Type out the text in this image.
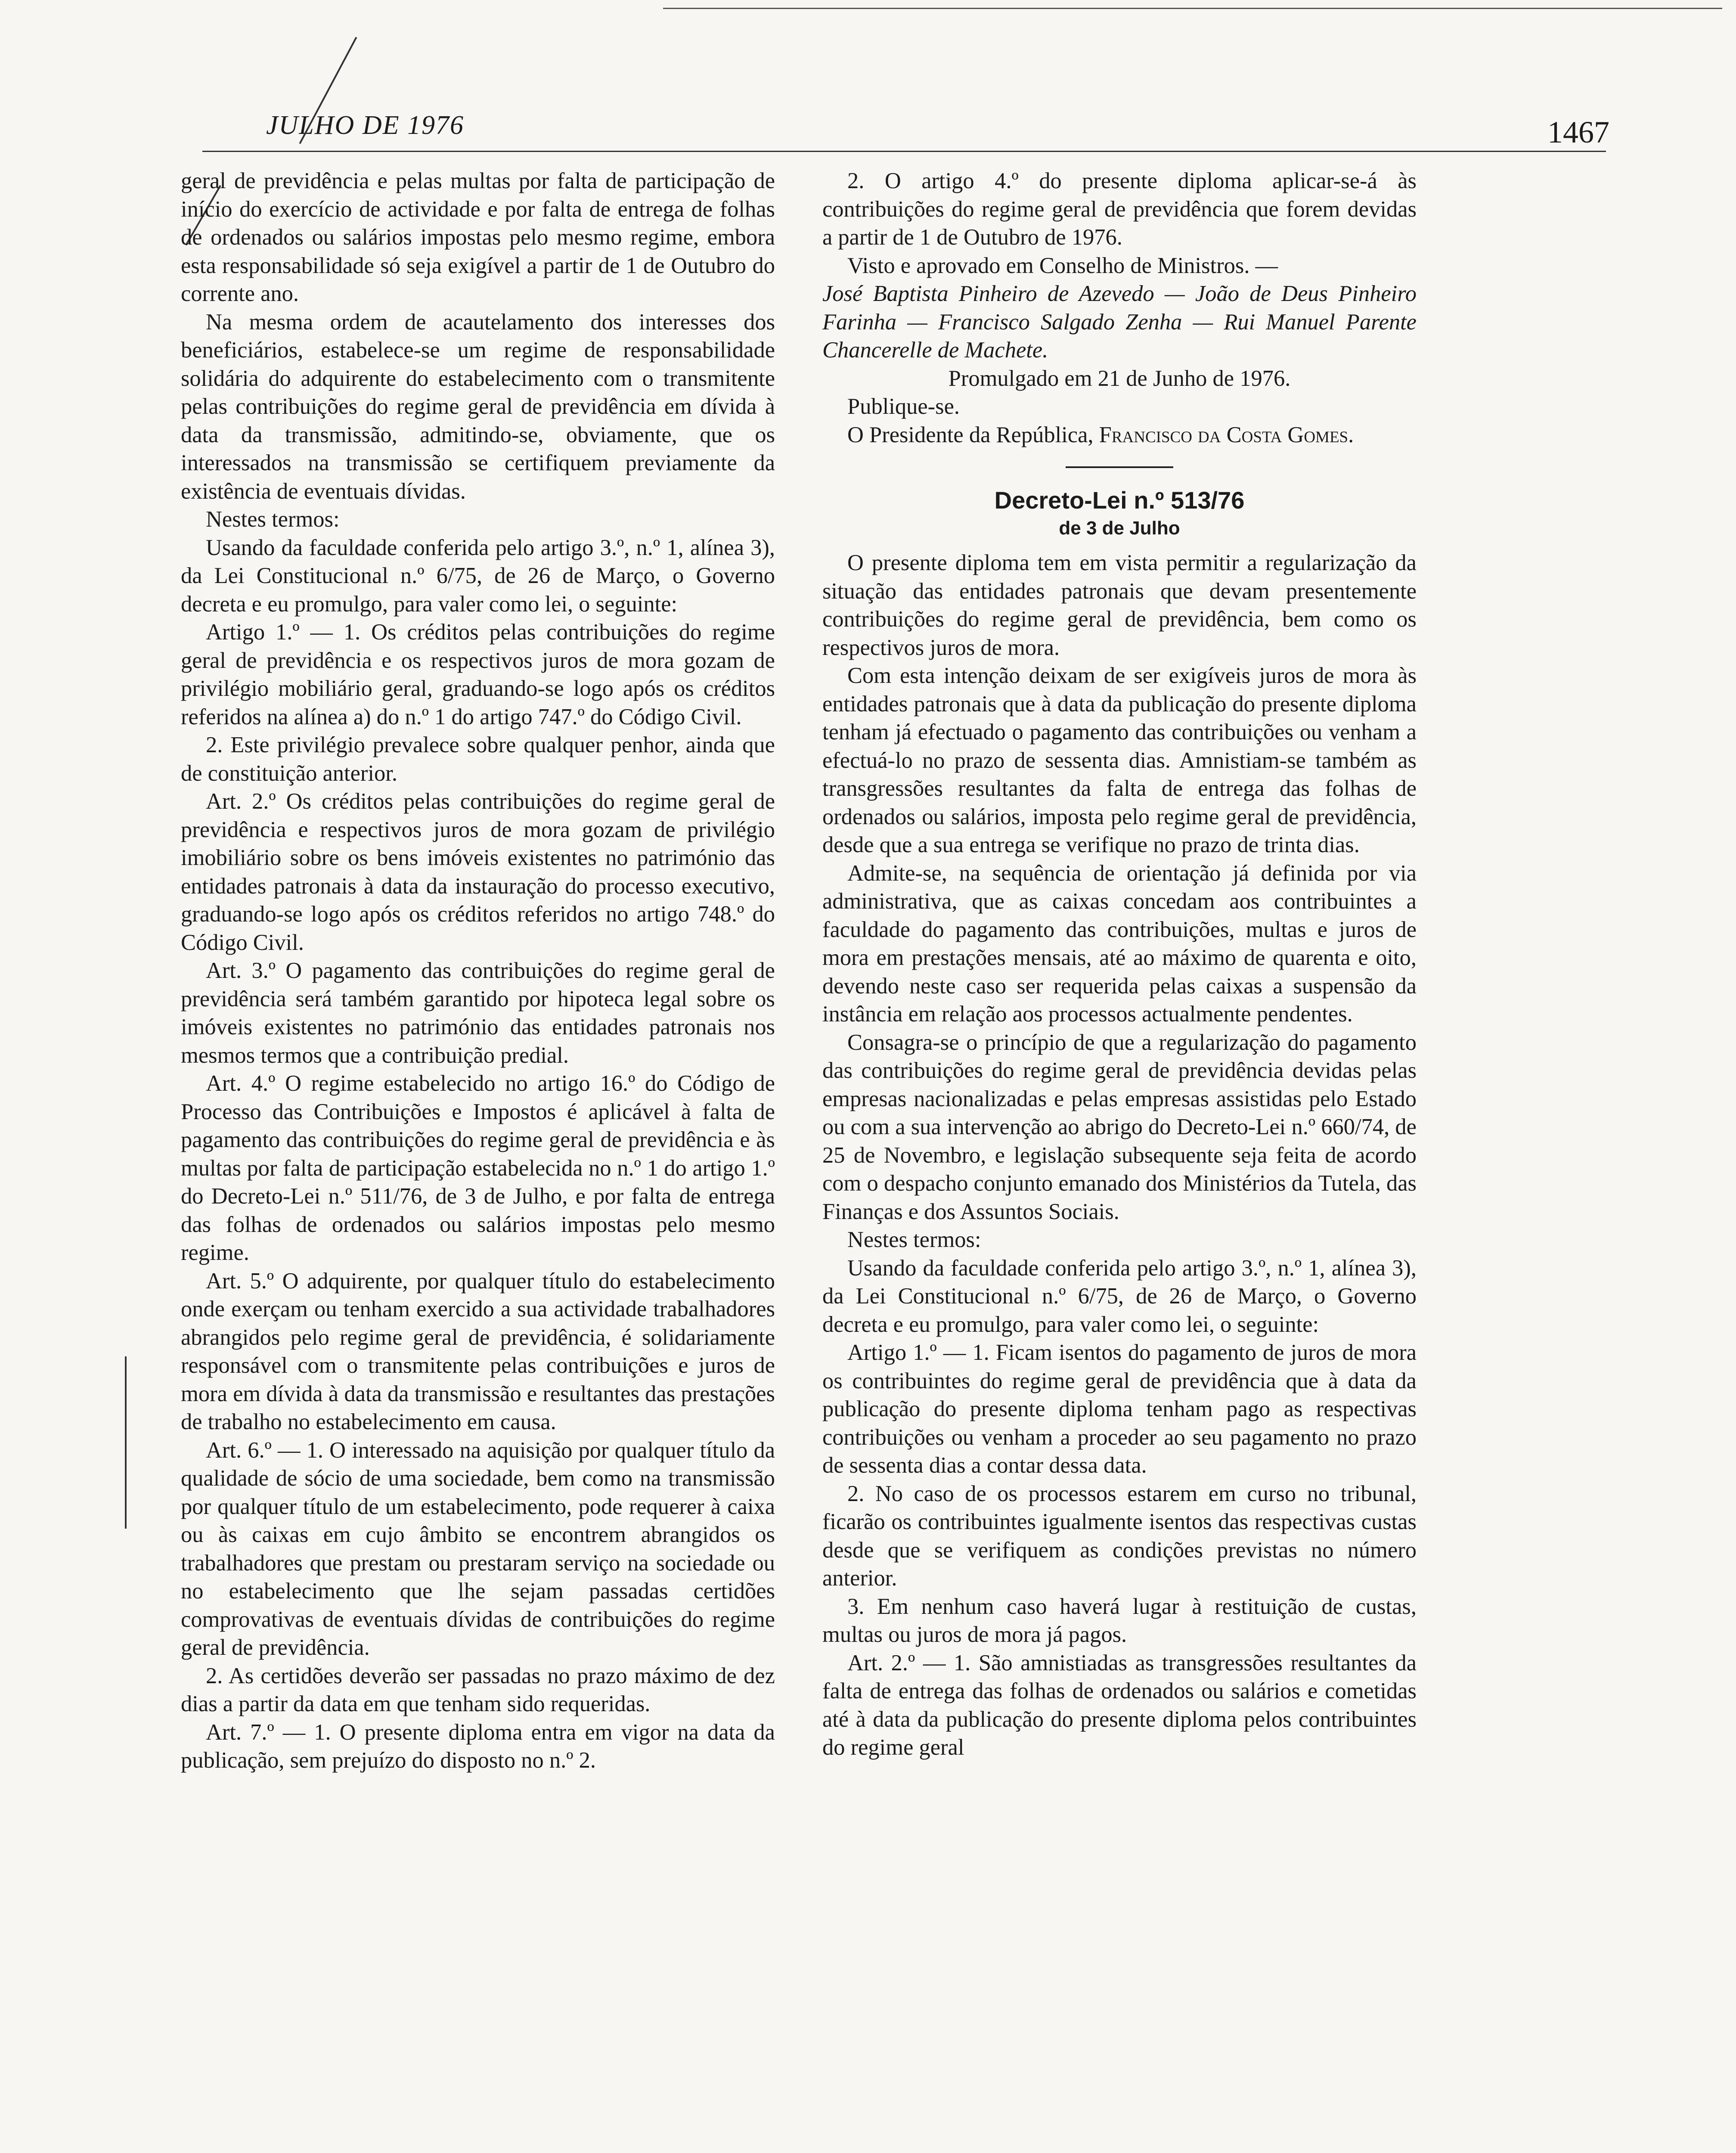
JULHO DE 1976	1467

geral de previdência e pelas multas por falta de participação de início do exercício de actividade e por falta de entrega de folhas de ordenados ou salários impostas pelo mesmo regime, embora esta responsabilidade só seja exigível a partir de 1 de Outubro do corrente ano.

Na mesma ordem de acautelamento dos interesses dos beneficiários, estabelece-se um regime de responsabilidade solidária do adquirente do estabelecimento com o transmitente pelas contribuições do regime geral de previdência em dívida à data da transmissão, admitindo-se, obviamente, que os interessados na transmissão se certifiquem previamente da existência de eventuais dívidas.

Nestes termos:

Usando da faculdade conferida pelo artigo 3.º, n.º 1, alínea 3), da Lei Constitucional n.º 6/75, de 26 de Março, o Governo decreta e eu promulgo, para valer como lei, o seguinte:

Artigo 1.º — 1. Os créditos pelas contribuições do regime geral de previdência e os respectivos juros de mora gozam de privilégio mobiliário geral, graduando-se logo após os créditos referidos na alínea a) do n.º 1 do artigo 747.º do Código Civil.

2. Este privilégio prevalece sobre qualquer penhor, ainda que de constituição anterior.

Art. 2.º Os créditos pelas contribuições do regime geral de previdência e respectivos juros de mora gozam de privilégio imobiliário sobre os bens imóveis existentes no património das entidades patronais à data da instauração do processo executivo, graduando-se logo após os créditos referidos no artigo 748.º do Código Civil.

Art. 3.º O pagamento das contribuições do regime geral de previdência será também garantido por hipoteca legal sobre os imóveis existentes no património das entidades patronais nos mesmos termos que a contribuição predial.

Art. 4.º O regime estabelecido no artigo 16.º do Código de Processo das Contribuições e Impostos é aplicável à falta de pagamento das contribuições do regime geral de previdência e às multas por falta de participação estabelecida no n.º 1 do artigo 1.º do Decreto-Lei n.º 511/76, de 3 de Julho, e por falta de entrega das folhas de ordenados ou salários impostas pelo mesmo regime.

Art. 5.º O adquirente, por qualquer título do estabelecimento onde exerçam ou tenham exercido a sua actividade trabalhadores abrangidos pelo regime geral de previdência, é solidariamente responsável com o transmitente pelas contribuições e juros de mora em dívida à data da transmissão e resultantes das prestações de trabalho no estabelecimento em causa.

Art. 6.º — 1. O interessado na aquisição por qualquer título da qualidade de sócio de uma sociedade, bem como na transmissão por qualquer título de um estabelecimento, pode requerer à caixa ou às caixas em cujo âmbito se encontrem abrangidos os trabalhadores que prestam ou prestaram serviço na sociedade ou no estabelecimento que lhe sejam passadas certidões comprovativas de eventuais dívidas de contribuições do regime geral de previdência.

2. As certidões deverão ser passadas no prazo máximo de dez dias a partir da data em que tenham sido requeridas.

Art. 7.º — 1. O presente diploma entra em vigor na data da publicação, sem prejuízo do disposto no n.º 2.

2. O artigo 4.º do presente diploma aplicar-se-á às contribuições do regime geral de previdência que forem devidas a partir de 1 de Outubro de 1976.

Visto e aprovado em Conselho de Ministros. —

José Baptista Pinheiro de Azevedo — João de Deus Pinheiro Farinha — Francisco Salgado Zenha — Rui Manuel Parente Chancerelle de Machete.

Promulgado em 21 de Junho de 1976.

Publique-se.

O Presidente da República, Francisco da Costa Gomes.

Decreto-Lei n.º 513/76
de 3 de Julho

O presente diploma tem em vista permitir a regularização da situação das entidades patronais que devam presentemente contribuições do regime geral de previdência, bem como os respectivos juros de mora.

Com esta intenção deixam de ser exigíveis juros de mora às entidades patronais que à data da publicação do presente diploma tenham já efectuado o pagamento das contribuições ou venham a efectuá-lo no prazo de sessenta dias. Amnistiam-se também as transgressões resultantes da falta de entrega das folhas de ordenados ou salários, imposta pelo regime geral de previdência, desde que a sua entrega se verifique no prazo de trinta dias.

Admite-se, na sequência de orientação já definida por via administrativa, que as caixas concedam aos contribuintes a faculdade do pagamento das contribuições, multas e juros de mora em prestações mensais, até ao máximo de quarenta e oito, devendo neste caso ser requerida pelas caixas a suspensão da instância em relação aos processos actualmente pendentes.

Consagra-se o princípio de que a regularização do pagamento das contribuições do regime geral de previdência devidas pelas empresas nacionalizadas e pelas empresas assistidas pelo Estado ou com a sua intervenção ao abrigo do Decreto-Lei n.º 660/74, de 25 de Novembro, e legislação subsequente seja feita de acordo com o despacho conjunto emanado dos Ministérios da Tutela, das Finanças e dos Assuntos Sociais.

Nestes termos:

Usando da faculdade conferida pelo artigo 3.º, n.º 1, alínea 3), da Lei Constitucional n.º 6/75, de 26 de Março, o Governo decreta e eu promulgo, para valer como lei, o seguinte:

Artigo 1.º — 1. Ficam isentos do pagamento de juros de mora os contribuintes do regime geral de previdência que à data da publicação do presente diploma tenham pago as respectivas contribuições ou venham a proceder ao seu pagamento no prazo de sessenta dias a contar dessa data.

2. No caso de os processos estarem em curso no tribunal, ficarão os contribuintes igualmente isentos das respectivas custas desde que se verifiquem as condições previstas no número anterior.

3. Em nenhum caso haverá lugar à restituição de custas, multas ou juros de mora já pagos.

Art. 2.º — 1. São amnistiadas as transgressões resultantes da falta de entrega das folhas de ordenados ou salários e cometidas até à data da publicação do presente diploma pelos contribuintes do regime geral
